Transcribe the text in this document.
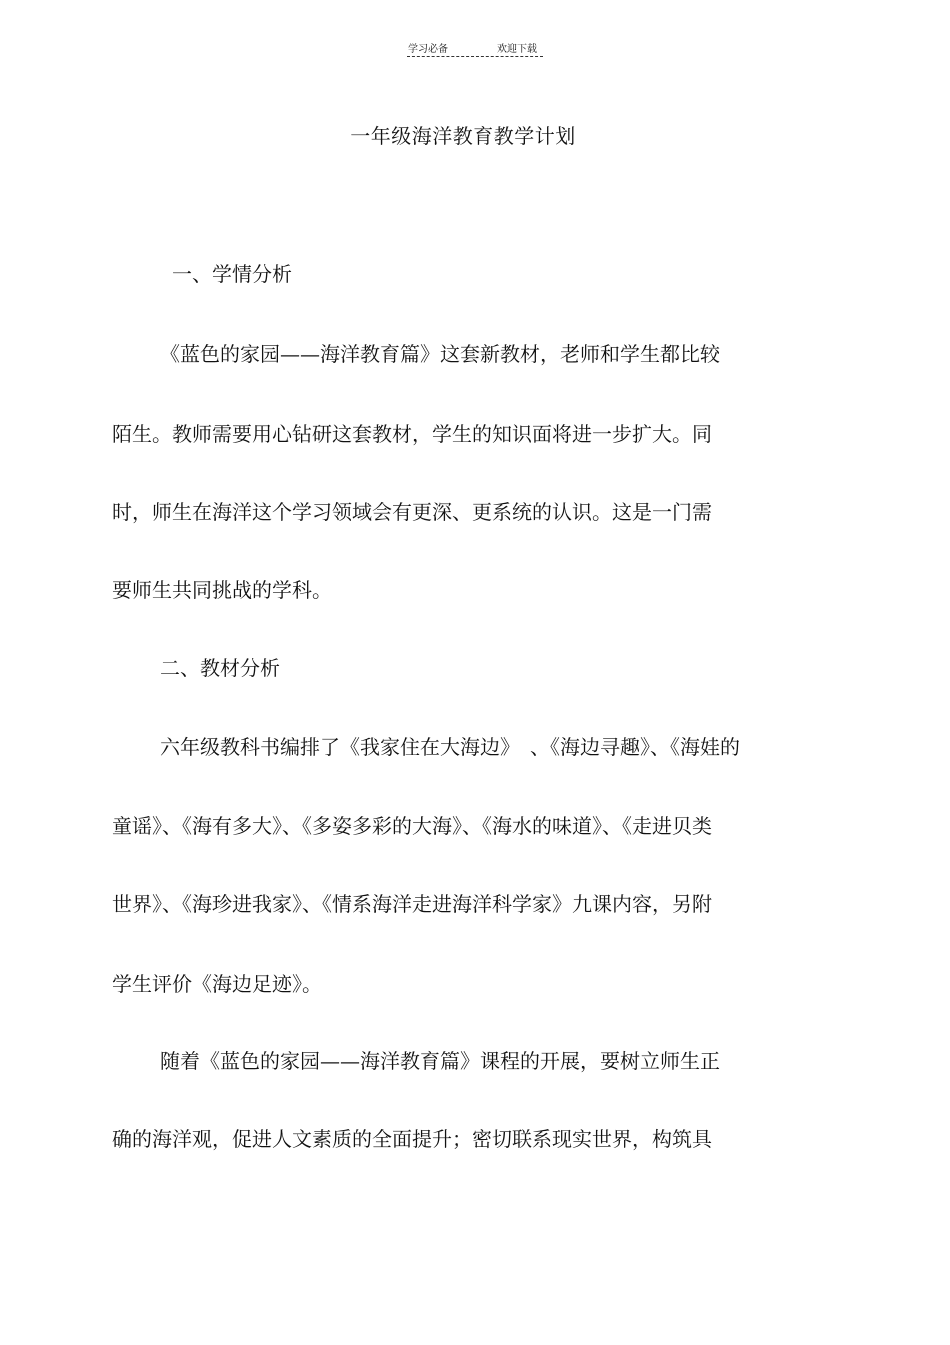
学习必备	欢迎下载
一年级海洋教育教学计划
一、学情分析
《蓝色的家园——海洋教育篇》这套新教材，老师和学生都比较
陌生。教师需要用心钻研这套教材，学生的知识面将进一步扩大。同
时，师生在海洋这个学习领域会有更深、更系统的认识。这是一门需
要师生共同挑战的学科。
二、教材分析
六年级教科书编排了《我家住在大海边》　、《海边寻趣》、《海娃的
童谣》、《海有多大》、《多姿多彩的大海》、《海水的味道》、《走进贝类
世界》、《海珍进我家》、《情系海洋走进海洋科学家》九课内容，另附
学生评价《海边足迹》。
随着《蓝色的家园——海洋教育篇》课程的开展，要树立师生正
确的海洋观，促进人文素质的全面提升；密切联系现实世界，构筑具
